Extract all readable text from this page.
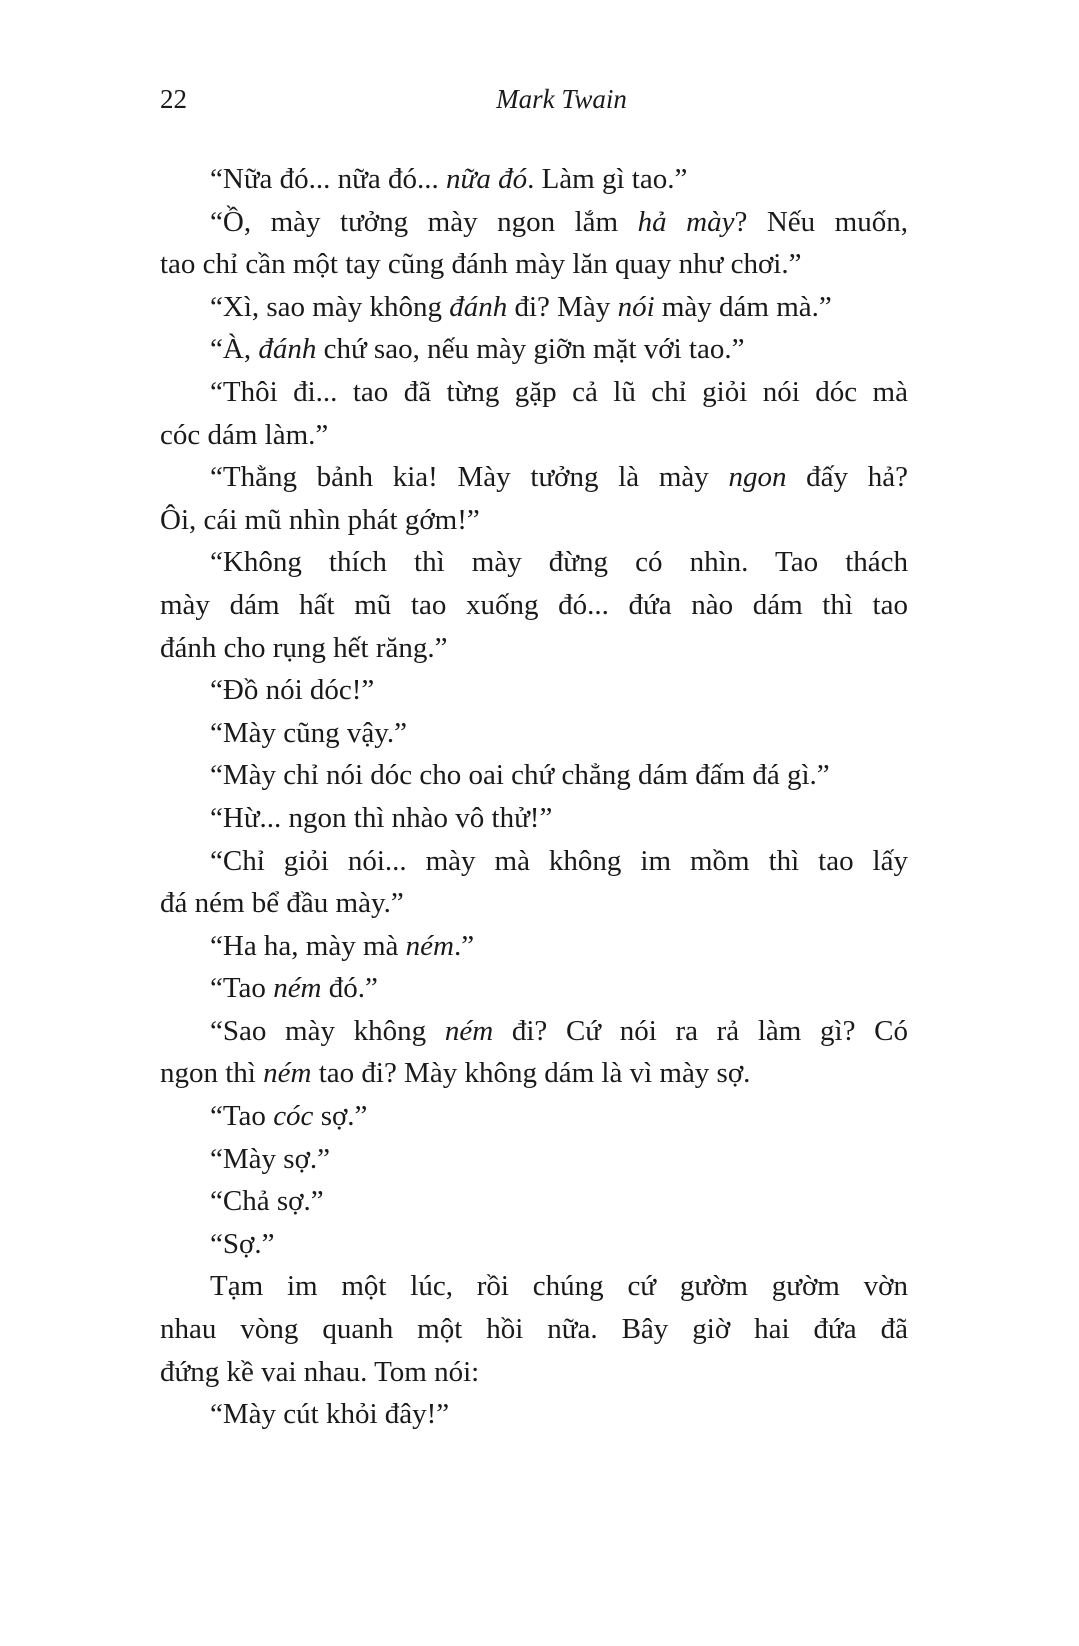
22	Mark Twain
“Nữa đó... nữa đó... nữa đó. Làm gì tao.”
“Ồ, mày tưởng mày ngon lắm hả mày? Nếu muốn,
tao chỉ cần một tay cũng đánh mày lăn quay như chơi.”
“Xì, sao mày không đánh đi? Mày nói mày dám mà.”
“À, đánh chứ sao, nếu mày giỡn mặt với tao.”
“Thôi đi... tao đã từng gặp cả lũ chỉ giỏi nói dóc mà
cóc dám làm.”
“Thằng bảnh kia! Mày tưởng là mày ngon đấy hả?
Ôi, cái mũ nhìn phát gớm!”
“Không thích thì mày đừng có nhìn. Tao thách
mày dám hất mũ tao xuống đó... đứa nào dám thì tao
đánh cho rụng hết răng.”
“Đồ nói dóc!”
“Mày cũng vậy.”
“Mày chỉ nói dóc cho oai chứ chẳng dám đấm đá gì.”
“Hừ... ngon thì nhào vô thử!”
“Chỉ giỏi nói... mày mà không im mồm thì tao lấy
đá ném bể đầu mày.”
“Ha ha, mày mà ném.”
“Tao ném đó.”
“Sao mày không ném đi? Cứ nói ra rả làm gì? Có
ngon thì ném tao đi? Mày không dám là vì mày sợ.
“Tao cóc sợ.”
“Mày sợ.”
“Chả sợ.”
“Sợ.”
Tạm im một lúc, rồi chúng cứ gườm gườm vờn
nhau vòng quanh một hồi nữa. Bây giờ hai đứa đã
đứng kề vai nhau. Tom nói:
“Mày cút khỏi đây!”
